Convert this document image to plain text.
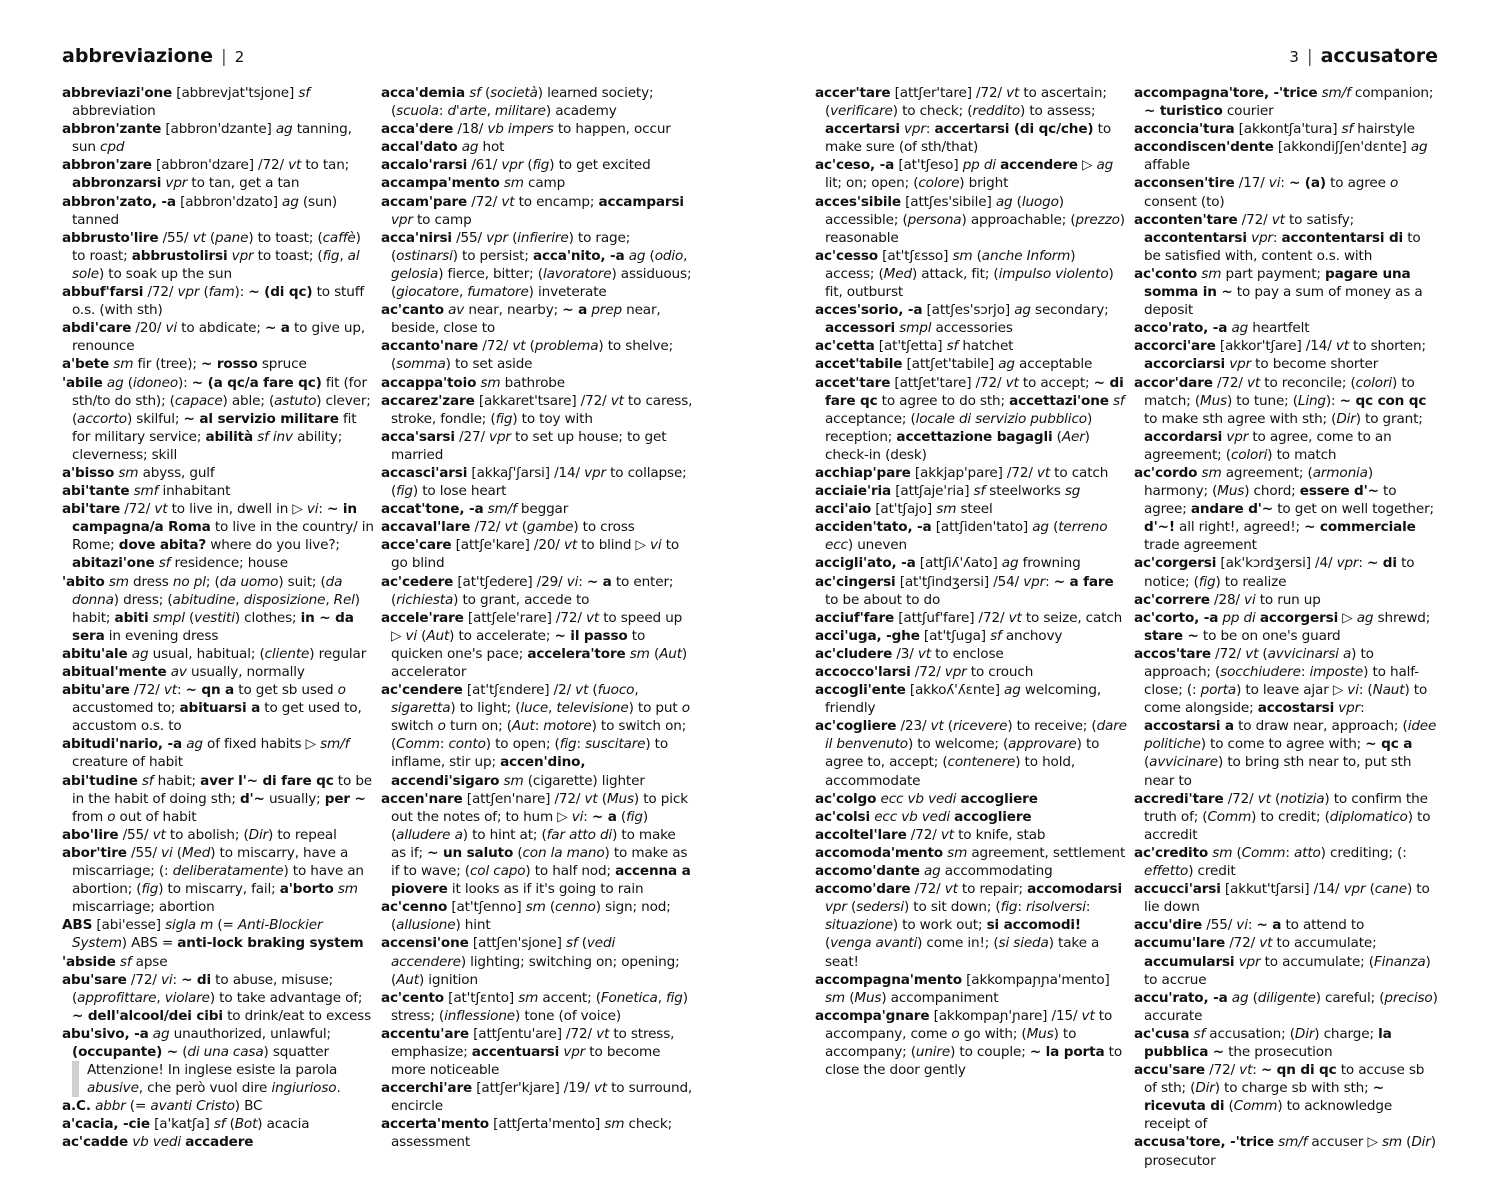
abbreviazione | 2	3 | accusatore
abbreviazi'one [abbrevjat'tsjone] sf abbreviation
abbron'zante [abbron'dzante] ag tanning, sun cpd
abbron'zare [abbron'dzare] /72/ vt to tan; abbronzarsi vpr to tan, get a tan
abbron'zato, -a [abbron'dzato] ag (sun) tanned
abbrusto'lire /55/ vt (pane) to toast; (caffè) to roast; abbrustolirsi vpr to toast; (fig, al sole) to soak up the sun
abbuf'farsi /72/ vpr (fam): ~ (di qc) to stuff o.s. (with sth)
abdi'care /20/ vi to abdicate; ~ a to give up, renounce
a'bete sm fir (tree); ~ rosso spruce
'abile ag (idoneo): ~ (a qc/a fare qc) fit (for sth/to do sth); (capace) able; (astuto) clever; (accorto) skilful; ~ al servizio militare fit for military service; abilità sf inv ability; cleverness; skill
a'bisso sm abyss, gulf
abi'tante smf inhabitant
abi'tare /72/ vt to live in, dwell in ▷ vi: ~ in campagna/a Roma to live in the country/ in Rome; dove abita? where do you live?; abitazi'one sf residence; house
'abito sm dress no pl; (da uomo) suit; (da donna) dress; (abitudine, disposizione, Rel) habit; abiti smpl (vestiti) clothes; in ~ da sera in evening dress
abitu'ale ag usual, habitual; (cliente) regular
abitual'mente av usually, normally
abitu'are /72/ vt: ~ qn a to get sb used o accustomed to; abituarsi a to get used to, accustom o.s. to
abitudi'nario, -a ag of fixed habits ▷ sm/f creature of habit
abi'tudine sf habit; aver l'~ di fare qc to be in the habit of doing sth; d'~ usually; per ~ from o out of habit
abo'lire /55/ vt to abolish; (Dir) to repeal
abor'tire /55/ vi (Med) to miscarry, have a miscarriage; (: deliberatamente) to have an abortion; (fig) to miscarry, fail; a'borto sm miscarriage; abortion
ABS [abi'esse] sigla m (= Anti-Blockier System) ABS = anti-lock braking system
'abside sf apse
abu'sare /72/ vi: ~ di to abuse, misuse; (approfittare, violare) to take advantage of; ~ dell'alcool/dei cibi to drink/eat to excess
abu'sivo, -a ag unauthorized, unlawful; (occupante) ~ (di una casa) squatter
Attenzione! In inglese esiste la parola abusive, che però vuol dire ingiurioso.
a.C. abbr (= avanti Cristo) BC
a'cacia, -cie [a'katʃa] sf (Bot) acacia
ac'cadde vb vedi accadere
acca'demia sf (società) learned society; (scuola: d'arte, militare) academy
acca'dere /18/ vb impers to happen, occur
accal'dato ag hot
accalo'rarsi /61/ vpr (fig) to get excited
accampa'mento sm camp
accam'pare /72/ vt to encamp; accamparsi vpr to camp
acca'nirsi /55/ vpr (infierire) to rage; (ostinarsi) to persist; acca'nito, -a ag (odio, gelosia) fierce, bitter; (lavoratore) assiduous; (giocatore, fumatore) inveterate
ac'canto av near, nearby; ~ a prep near, beside, close to
accanto'nare /72/ vt (problema) to shelve; (somma) to set aside
accappa'toio sm bathrobe
accarez'zare [akkaret'tsare] /72/ vt to caress, stroke, fondle; (fig) to toy with
acca'sarsi /27/ vpr to set up house; to get married
accasci'arsi [akkaʃ'ʃarsi] /14/ vpr to collapse; (fig) to lose heart
accat'tone, -a sm/f beggar
accaval'lare /72/ vt (gambe) to cross
acce'care [attʃe'kare] /20/ vt to blind ▷ vi to go blind
ac'cedere [at'tʃedere] /29/ vi: ~ a to enter; (richiesta) to grant, accede to
accele'rare [attʃele'rare] /72/ vt to speed up ▷ vi (Aut) to accelerate; ~ il passo to quicken one's pace; accelera'tore sm (Aut) accelerator
ac'cendere [at'tʃɛndere] /2/ vt (fuoco, sigaretta) to light; (luce, televisione) to put o switch o turn on; (Aut: motore) to switch on; (Comm: conto) to open; (fig: suscitare) to inflame, stir up; accen'dino, accendi'sigaro sm (cigarette) lighter
accen'nare [attʃen'nare] /72/ vt (Mus) to pick out the notes of; to hum ▷ vi: ~ a (fig) (alludere a) to hint at; (far atto di) to make as if; ~ un saluto (con la mano) to make as if to wave; (col capo) to half nod; accenna a piovere it looks as if it's going to rain
ac'cenno [at'tʃenno] sm (cenno) sign; nod; (allusione) hint
accensi'one [attʃen'sjone] sf (vedi accendere) lighting; switching on; opening; (Aut) ignition
ac'cento [at'tʃɛnto] sm accent; (Fonetica, fig) stress; (inflessione) tone (of voice)
accentu'are [attʃentu'are] /72/ vt to stress, emphasize; accentuarsi vpr to become more noticeable
accerchi'are [attʃer'kjare] /19/ vt to surround, encircle
accerta'mento [attʃerta'mento] sm check; assessment
accer'tare [attʃer'tare] /72/ vt to ascertain; (verificare) to check; (reddito) to assess; accertarsi vpr: accertarsi (di qc/che) to make sure (of sth/that)
ac'ceso, -a [at'tʃeso] pp di accendere ▷ ag lit; on; open; (colore) bright
acces'sibile [attʃes'sibile] ag (luogo) accessible; (persona) approachable; (prezzo) reasonable
ac'cesso [at'tʃɛsso] sm (anche Inform) access; (Med) attack, fit; (impulso violento) fit, outburst
acces'sorio, -a [attʃes'sɔrjo] ag secondary; accessori smpl accessories
ac'cetta [at'tʃetta] sf hatchet
accet'tabile [attʃet'tabile] ag acceptable
accet'tare [attʃet'tare] /72/ vt to accept; ~ di fare qc to agree to do sth; accettazi'one sf acceptance; (locale di servizio pubblico) reception; accettazione bagagli (Aer) check-in (desk)
acchiap'pare [akkjap'pare] /72/ vt to catch
acciaie'ria [attʃaje'ria] sf steelworks sg
acci'aio [at'tʃajo] sm steel
acciden'tato, -a [attʃiden'tato] ag (terreno ecc) uneven
accigli'ato, -a [attʃiʎ'ʎato] ag frowning
ac'cingersi [at'tʃindʒersi] /54/ vpr: ~ a fare to be about to do
acciuf'fare [attʃuf'fare] /72/ vt to seize, catch
acci'uga, -ghe [at'tʃuga] sf anchovy
ac'cludere /3/ vt to enclose
accocco'larsi /72/ vpr to crouch
accogli'ente [akkoʎ'ʎɛnte] ag welcoming, friendly
ac'cogliere /23/ vt (ricevere) to receive; (dare il benvenuto) to welcome; (approvare) to agree to, accept; (contenere) to hold, accommodate
ac'colgo ecc vb vedi accogliere
ac'colsi ecc vb vedi accogliere
accoltel'lare /72/ vt to knife, stab
accomoda'mento sm agreement, settlement
accomo'dante ag accommodating
accomo'dare /72/ vt to repair; accomodarsi vpr (sedersi) to sit down; (fig: risolversi: situazione) to work out; si accomodi! (venga avanti) come in!; (si sieda) take a seat!
accompagna'mento [akkompaɲɲa'mento] sm (Mus) accompaniment
accompa'gnare [akkompaɲ'ɲare] /15/ vt to accompany, come o go with; (Mus) to accompany; (unire) to couple; ~ la porta to close the door gently
accompagna'tore, -'trice sm/f companion; ~ turistico courier
acconcia'tura [akkontʃa'tura] sf hairstyle
accondiscen'dente [akkondiʃʃen'dɛnte] ag affable
acconsen'tire /17/ vi: ~ (a) to agree o consent (to)
acconten'tare /72/ vt to satisfy; accontentarsi vpr: accontentarsi di to be satisfied with, content o.s. with
ac'conto sm part payment; pagare una somma in ~ to pay a sum of money as a deposit
acco'rato, -a ag heartfelt
accorci'are [akkor'tʃare] /14/ vt to shorten; accorciarsi vpr to become shorter
accor'dare /72/ vt to reconcile; (colori) to match; (Mus) to tune; (Ling): ~ qc con qc to make sth agree with sth; (Dir) to grant; accordarsi vpr to agree, come to an agreement; (colori) to match
ac'cordo sm agreement; (armonia) harmony; (Mus) chord; essere d'~ to agree; andare d'~ to get on well together; d'~! all right!, agreed!; ~ commerciale trade agreement
ac'corgersi [ak'kɔrdʒersi] /4/ vpr: ~ di to notice; (fig) to realize
ac'correre /28/ vi to run up
ac'corto, -a pp di accorgersi ▷ ag shrewd; stare ~ to be on one's guard
accos'tare /72/ vt (avvicinarsi a) to approach; (socchiudere: imposte) to half-close; (: porta) to leave ajar ▷ vi: (Naut) to come alongside; accostarsi vpr: accostarsi a to draw near, approach; (idee politiche) to come to agree with; ~ qc a (avvicinare) to bring sth near to, put sth near to
accredi'tare /72/ vt (notizia) to confirm the truth of; (Comm) to credit; (diplomatico) to accredit
ac'credito sm (Comm: atto) crediting; (: effetto) credit
accucci'arsi [akkut'tʃarsi] /14/ vpr (cane) to lie down
accu'dire /55/ vi: ~ a to attend to
accumu'lare /72/ vt to accumulate; accumularsi vpr to accumulate; (Finanza) to accrue
accu'rato, -a ag (diligente) careful; (preciso) accurate
ac'cusa sf accusation; (Dir) charge; la pubblica ~ the prosecution
accu'sare /72/ vt: ~ qn di qc to accuse sb of sth; (Dir) to charge sb with sth; ~ ricevuta di (Comm) to acknowledge receipt of
accusa'tore, -'trice sm/f accuser ▷ sm (Dir) prosecutor
